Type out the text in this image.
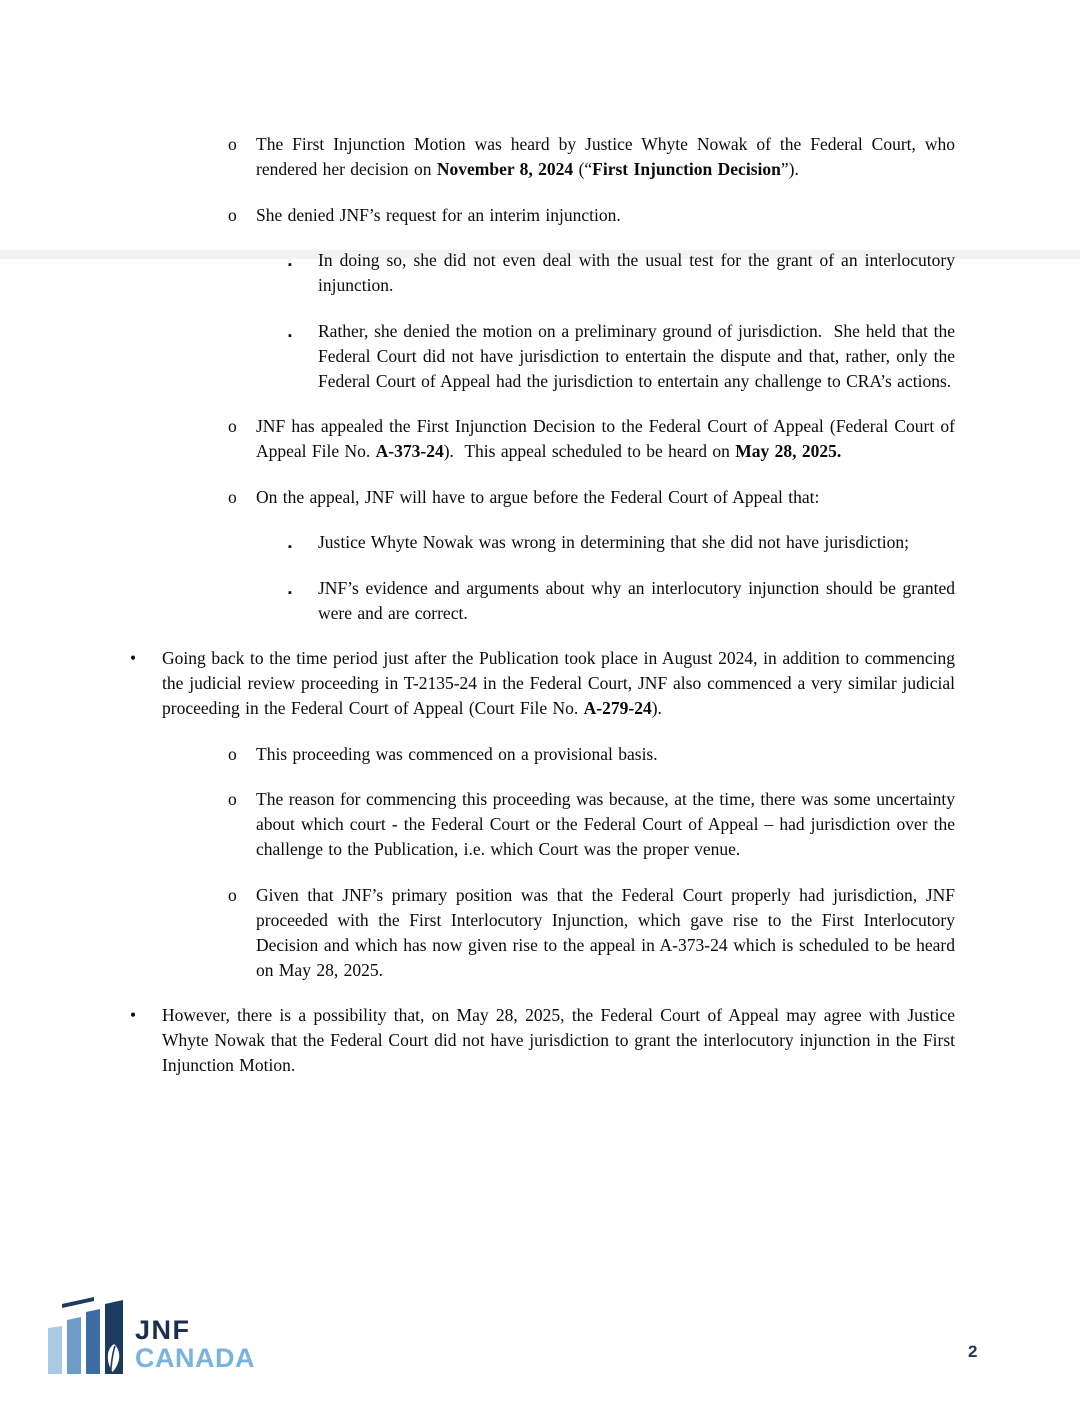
o The First Injunction Motion was heard by Justice Whyte Nowak of the Federal Court, who rendered her decision on November 8, 2024 (“First Injunction Decision”).
o She denied JNF’s request for an interim injunction.
▪ In doing so, she did not even deal with the usual test for the grant of an interlocutory injunction.
▪ Rather, she denied the motion on a preliminary ground of jurisdiction.  She held that the Federal Court did not have jurisdiction to entertain the dispute and that, rather, only the Federal Court of Appeal had the jurisdiction to entertain any challenge to CRA’s actions.
o JNF has appealed the First Injunction Decision to the Federal Court of Appeal (Federal Court of Appeal File No. A-373-24).  This appeal scheduled to be heard on May 28, 2025.
o On the appeal, JNF will have to argue before the Federal Court of Appeal that:
▪ Justice Whyte Nowak was wrong in determining that she did not have jurisdiction;
▪ JNF’s evidence and arguments about why an interlocutory injunction should be granted were and are correct.
• Going back to the time period just after the Publication took place in August 2024, in addition to commencing the judicial review proceeding in T-2135-24 in the Federal Court, JNF also commenced a very similar judicial proceeding in the Federal Court of Appeal (Court File No. A-279-24).
o This proceeding was commenced on a provisional basis.
o The reason for commencing this proceeding was because, at the time, there was some uncertainty about which court - the Federal Court or the Federal Court of Appeal – had jurisdiction over the challenge to the Publication, i.e. which Court was the proper venue.
o Given that JNF’s primary position was that the Federal Court properly had jurisdiction, JNF proceeded with the First Interlocutory Injunction, which gave rise to the First Interlocutory Decision and which has now given rise to the appeal in A-373-24 which is scheduled to be heard on May 28, 2025.
• However, there is a possibility that, on May 28, 2025, the Federal Court of Appeal may agree with Justice Whyte Nowak that the Federal Court did not have jurisdiction to grant the interlocutory injunction in the First Injunction Motion.
JNF
CANADA	2
